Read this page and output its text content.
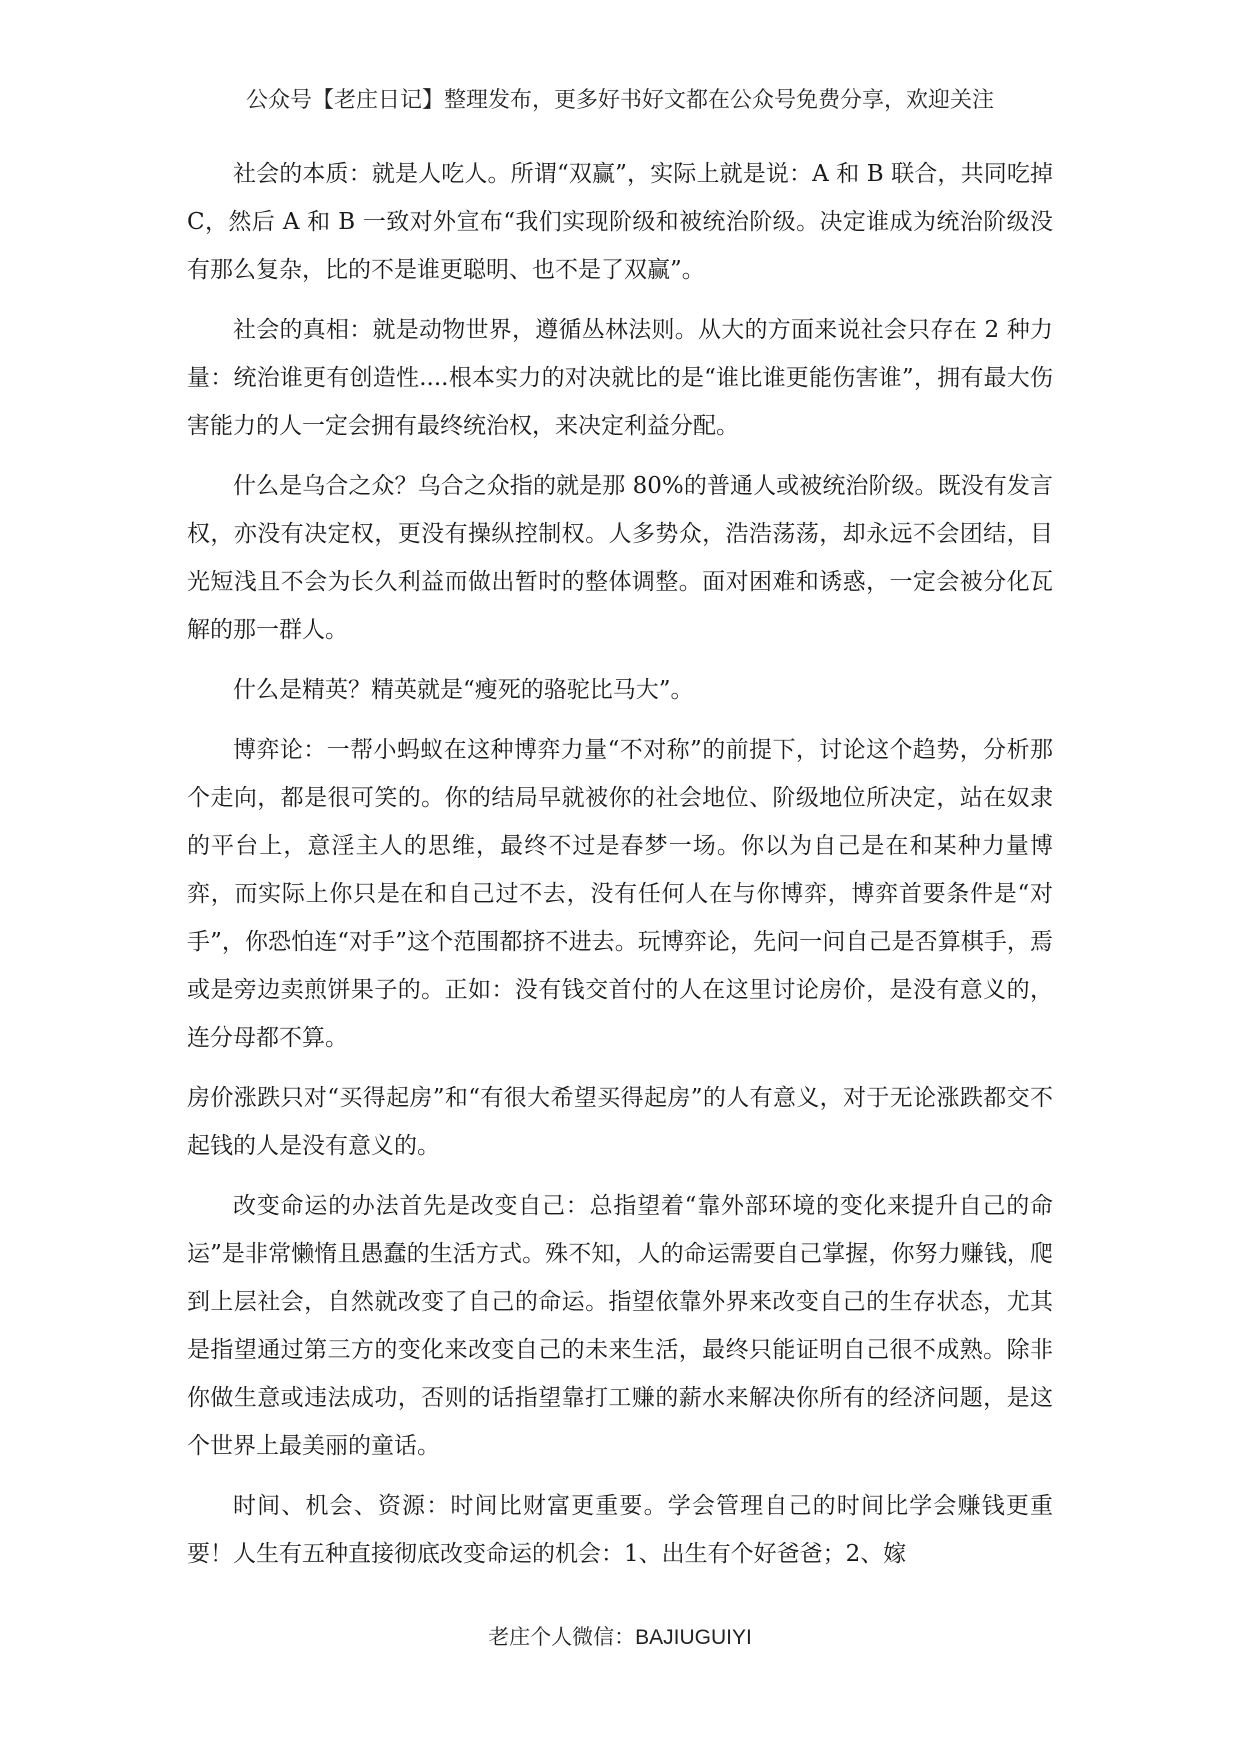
公众号【老庄日记】整理发布，更多好书好文都在公众号免费分享，欢迎关注

社会的本质：就是人吃人。所谓“双赢”，实际上就是说：A 和 B 联合，共同吃掉 C，然后 A 和 B 一致对外宣布“我们实现阶级和被统治阶级。决定谁成为统治阶级没有那么复杂，比的不是谁更聪明、也不是了双赢”。

社会的真相：就是动物世界，遵循丛林法则。从大的方面来说社会只存在 2 种力量：统治谁更有创造性....根本实力的对决就比的是“谁比谁更能伤害谁”，拥有最大伤害能力的人一定会拥有最终统治权，来决定利益分配。

什么是乌合之众？乌合之众指的就是那 80%的普通人或被统治阶级。既没有发言权，亦没有决定权，更没有操纵控制权。人多势众，浩浩荡荡，却永远不会团结，目光短浅且不会为长久利益而做出暂时的整体调整。面对困难和诱惑，一定会被分化瓦解的那一群人。

什么是精英？精英就是“瘦死的骆驼比马大”。

博弈论：一帮小蚂蚁在这种博弈力量“不对称”的前提下，讨论这个趋势，分析那个走向，都是很可笑的。你的结局早就被你的社会地位、阶级地位所决定，站在奴隶的平台上，意淫主人的思维，最终不过是春梦一场。你以为自己是在和某种力量博弈，而实际上你只是在和自己过不去，没有任何人在与你博弈，博弈首要条件是“对手”，你恐怕连“对手”这个范围都挤不进去。玩博弈论，先问一问自己是否算棋手，焉或是旁边卖煎饼果子的。正如：没有钱交首付的人在这里讨论房价，是没有意义的，连分母都不算。

房价涨跌只对“买得起房”和“有很大希望买得起房”的人有意义，对于无论涨跌都交不起钱的人是没有意义的。

改变命运的办法首先是改变自己：总指望着“靠外部环境的变化来提升自己的命运”是非常懒惰且愚蠢的生活方式。殊不知，人的命运需要自己掌握，你努力赚钱，爬到上层社会，自然就改变了自己的命运。指望依靠外界来改变自己的生存状态，尤其是指望通过第三方的变化来改变自己的未来生活，最终只能证明自己很不成熟。除非你做生意或违法成功，否则的话指望靠打工赚的薪水来解决你所有的经济问题，是这个世界上最美丽的童话。

时间、机会、资源：时间比财富更重要。学会管理自己的时间比学会赚钱更重要！人生有五种直接彻底改变命运的机会：1、出生有个好爸爸；2、嫁

老庄个人微信：BAJIUGUIYI
